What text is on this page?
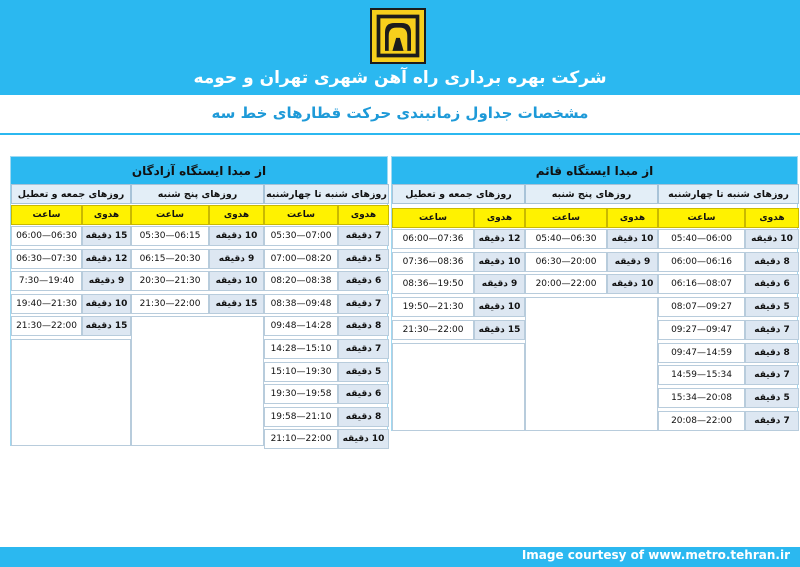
شرکت بهره برداری راه آهن شهری تهران و حومه
مشخصات جداول زمانبندی حرکت قطارهای خط سه
از مبدا ایستگاه آزادگان
روزهای شنبه تا چهارشنبه
ساعت	هدوی
05:30—07:00	7 دقیقه
07:00—08:20	5 دقیقه
08:20—08:38	6 دقیقه
08:38—09:48	7 دقیقه
09:48—14:28	8 دقیقه
14:28—15:10	7 دقیقه
15:10—19:30	5 دقیقه
19:30—19:58	6 دقیقه
19:58—21:10	8 دقیقه
21:10—22:00	10 دقیقه
روزهای پنج شنبه
ساعت	هدوی
05:30—06:15	10 دقیقه
06:15—20:30	9 دقیقه
20:30—21:30	10 دقیقه
21:30—22:00	15 دقیقه
روزهای جمعه و تعطیل
ساعت	هدوی
06:00—06:30 15 دقیقه
06:30—07:30 12 دقیقه
7:30—19:40	9 دقیقه
19:40—21:30 10 دقیقه
21:30—22:00 15 دقیقه
از مبدا ایستگاه قائم
روزهای شنبه تا چهارشنبه
ساعت	هدوی
05:40—06:00	10 دقیقه
06:00—06:16	8 دقیقه
06:16—08:07	6 دقیقه
08:07—09:27	5 دقیقه
09:27—09:47	7 دقیقه
09:47—14:59	8 دقیقه
14:59—15:34	7 دقیقه
15:34—20:08	5 دقیقه
20:08—22:00	7 دقیقه
روزهای پنج شنبه
ساعت	هدوی
05:40—06:30	10 دقیقه
06:30—20:00	9 دقیقه
20:00—22:00	10 دقیقه
روزهای جمعه و تعطیل
ساعت	هدوی
06:00—07:36	12 دقیقه
07:36—08:36	10 دقیقه
08:36—19:50	9 دقیقه
19:50—21:30	10 دقیقه
21:30—22:00	15 دقیقه
Image courtesy of www.metro.tehran.ir
